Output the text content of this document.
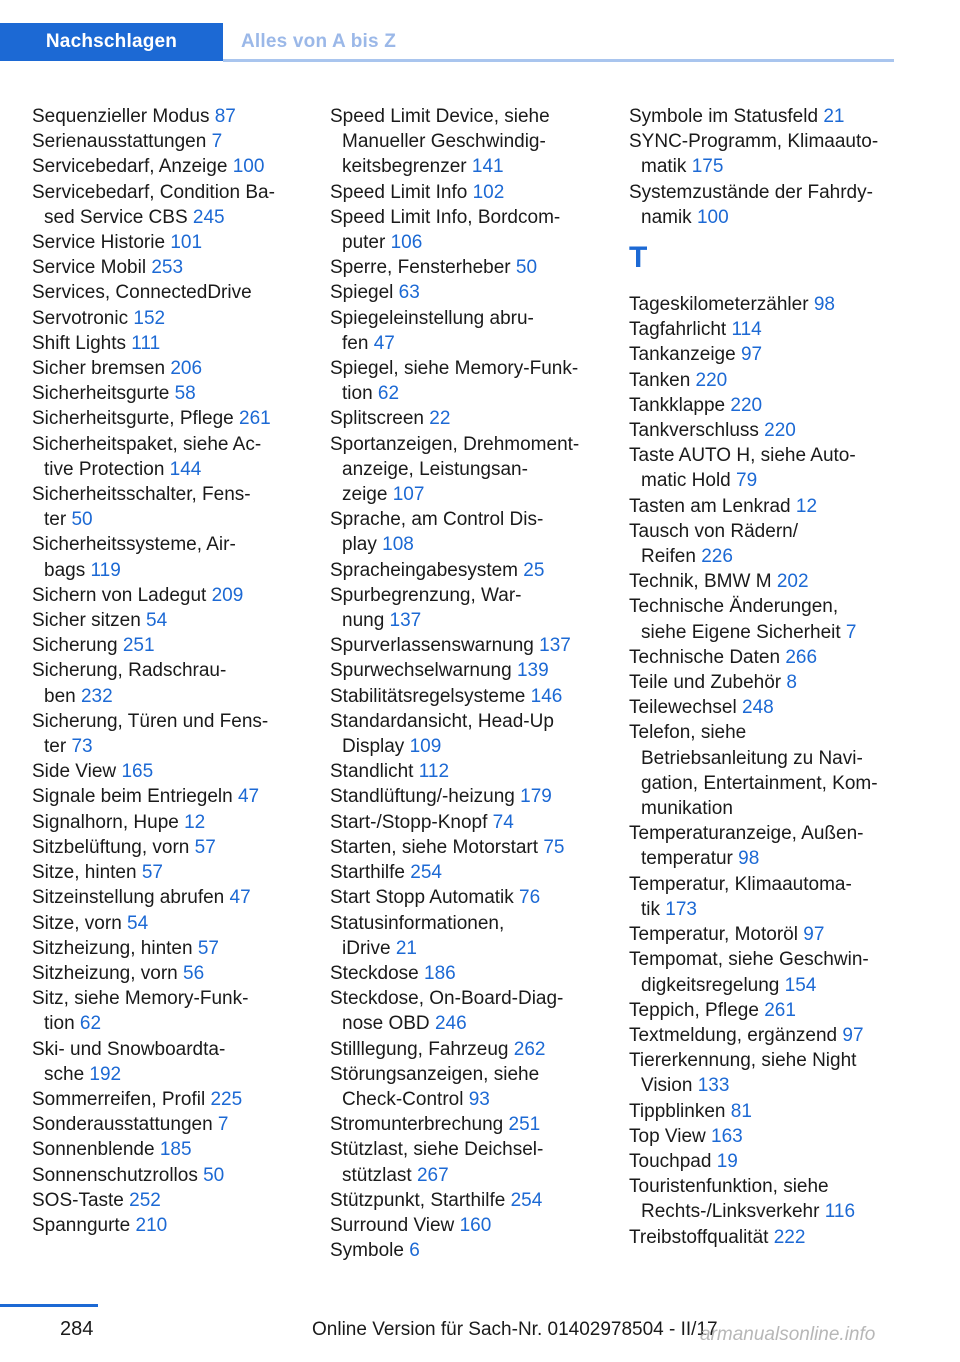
Nachschlagen	Alles von A bis Z
Sequenzieller Modus 87
Serienausstattungen 7
Servicebedarf, Anzeige 100
Servicebedarf, Condition Ba-
sed Service CBS 245
Service Historie 101
Service Mobil 253
Services, ConnectedDrive
Servotronic 152
Shift Lights 111
Sicher bremsen 206
Sicherheitsgurte 58
Sicherheitsgurte, Pflege 261
Sicherheitspaket, siehe Ac-
tive Protection 144
Sicherheitsschalter, Fens-
ter 50
Sicherheitssysteme, Air-
bags 119
Sichern von Ladegut 209
Sicher sitzen 54
Sicherung 251
Sicherung, Radschrau-
ben 232
Sicherung, Türen und Fens-
ter 73
Side View 165
Signale beim Entriegeln 47
Signalhorn, Hupe 12
Sitzbelüftung, vorn 57
Sitze, hinten 57
Sitzeinstellung abrufen 47
Sitze, vorn 54
Sitzheizung, hinten 57
Sitzheizung, vorn 56
Sitz, siehe Memory-Funk-
tion 62
Ski- und Snowboardta-
sche 192
Sommerreifen, Profil 225
Sonderausstattungen 7
Sonnenblende 185
Sonnenschutzrollos 50
SOS-Taste 252
Spanngurte 210
Speed Limit Device, siehe
Manueller Geschwindig-
keitsbegrenzer 141
Speed Limit Info 102
Speed Limit Info, Bordcom-
puter 106
Sperre, Fensterheber 50
Spiegel 63
Spiegeleinstellung abru-
fen 47
Spiegel, siehe Memory-Funk-
tion 62
Splitscreen 22
Sportanzeigen, Drehmoment-
anzeige, Leistungsan-
zeige 107
Sprache, am Control Dis-
play 108
Spracheingabesystem 25
Spurbegrenzung, War-
nung 137
Spurverlassenswarnung 137
Spurwechselwarnung 139
Stabilitätsregelsysteme 146
Standardansicht, Head-Up
Display 109
Standlicht 112
Standlüftung/-heizung 179
Start-/Stopp-Knopf 74
Starten, siehe Motorstart 75
Starthilfe 254
Start Stopp Automatik 76
Statusinformationen,
iDrive 21
Steckdose 186
Steckdose, On-Board-Diag-
nose OBD 246
Stilllegung, Fahrzeug 262
Störungsanzeigen, siehe
Check-Control 93
Stromunterbrechung 251
Stützlast, siehe Deichsel-
stützlast 267
Stützpunkt, Starthilfe 254
Surround View 160
Symbole 6
Symbole im Statusfeld 21
SYNC-Programm, Klimaauto-
matik 175
Systemzustände der Fahrdy-
namik 100
T
Tageskilometerzähler 98
Tagfahrlicht 114
Tankanzeige 97
Tanken 220
Tankklappe 220
Tankverschluss 220
Taste AUTO H, siehe Auto-
matic Hold 79
Tasten am Lenkrad 12
Tausch von Rädern/
Reifen 226
Technik, BMW M 202
Technische Änderungen,
siehe Eigene Sicherheit 7
Technische Daten 266
Teile und Zubehör 8
Teilewechsel 248
Telefon, siehe
Betriebsanleitung zu Navi-
gation, Entertainment, Kom-
munikation
Temperaturanzeige, Außen-
temperatur 98
Temperatur, Klimaautoma-
tik 173
Temperatur, Motoröl 97
Tempomat, siehe Geschwin-
digkeitsregelung 154
Teppich, Pflege 261
Textmeldung, ergänzend 97
Tiererkennung, siehe Night
Vision 133
Tippblinken 81
Top View 163
Touchpad 19
Touristenfunktion, siehe
Rechts-/Linksverkehr 116
Treibstoffqualität 222
284	Online Version für Sach-Nr. 01402978504 - II/17
armanualsonline.info
